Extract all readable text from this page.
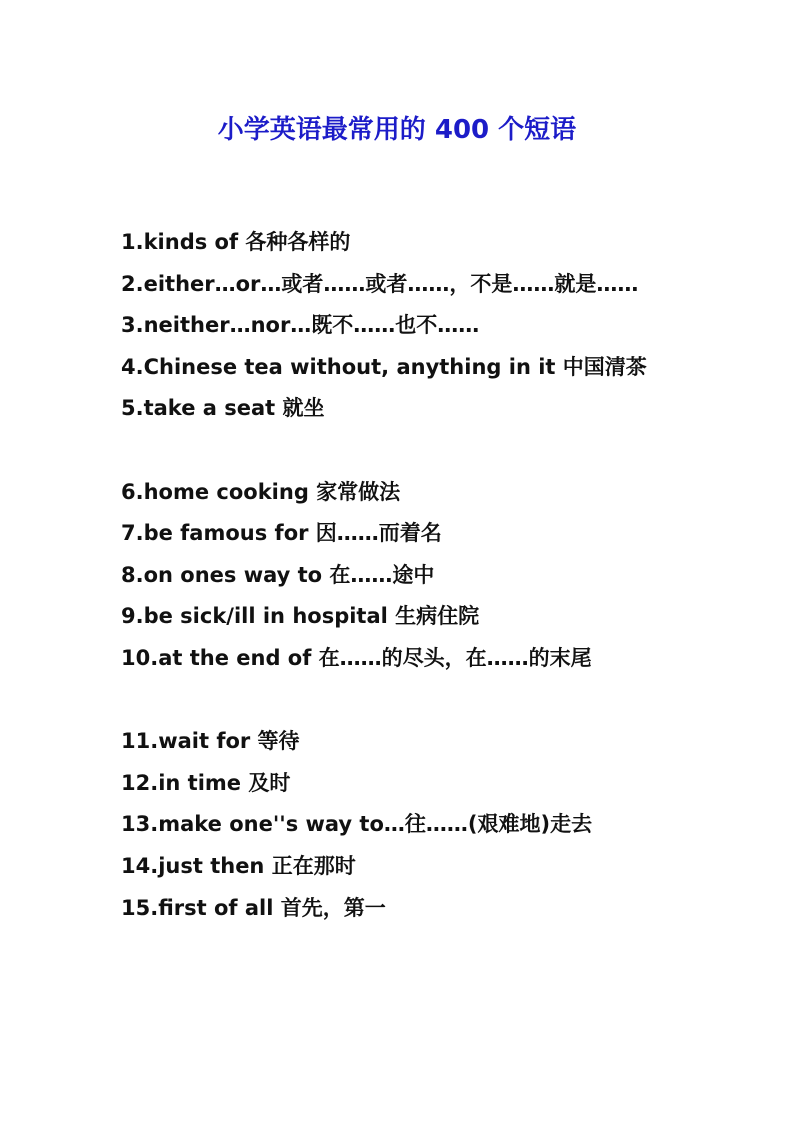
小学英语最常用的 400 个短语

1.kinds of 各种各样的

2.either…or…或者……或者……，不是……就是……

3.neither…nor…既不……也不……

4.Chinese tea without, anything in it 中国清茶

5.take a seat 就坐

6.home cooking 家常做法

7.be famous for 因……而着名

8.on ones way to 在……途中

9.be sick/ill in hospital 生病住院

10.at the end of 在……的尽头，在……的末尾

11.wait for 等待

12.in time 及时

13.make one''s way to…往……(艰难地)走去

14.just then 正在那时

15.first of all 首先，第一
